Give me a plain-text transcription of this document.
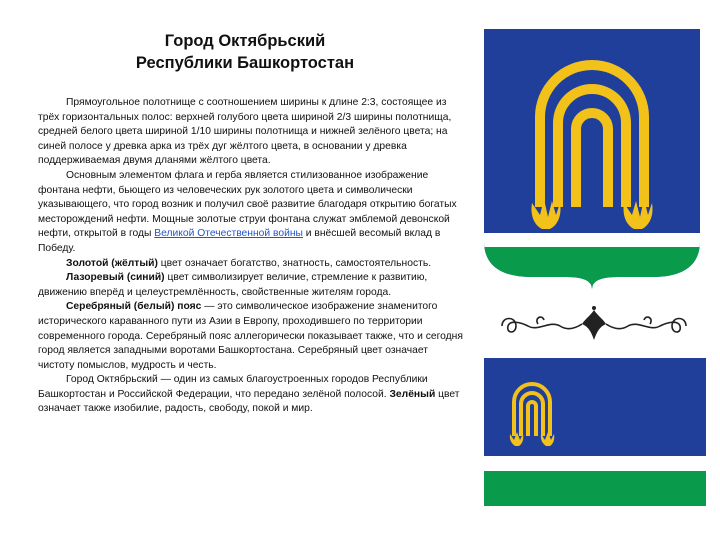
Город Октябрьский
Республики Башкортостан

Прямоугольное полотнище с соотношением ширины к длине 2:3, состоящее из трёх горизонтальных полос: верхней голубого цвета шириной 2/3 ширины полотнища, средней белого цвета шириной 1/10 ширины полотнища и нижней зелёного цвета; на синей полосе у древка арка из трёх дуг жёлтого цвета, в основании у древка поддерживаемая двумя дланями жёлтого цвета.

Основным элементом флага и герба является стилизованное изображение фонтана нефти, бьющего из человеческих рук золотого цвета и символически указывающего, что город возник и получил своё развитие благодаря открытию богатых месторождений нефти. Мощные золотые струи фонтана служат эмблемой девонской нефти, открытой в годы Великой Отечественной войны и внёсшей весомый вклад в Победу.

Золотой (жёлтый) цвет означает богатство, знатность, самостоятельность.

Лазоревый (синий) цвет символизирует величие, стремление к развитию, движению вперёд и целеустремлённость, свойственные жителям города.

Серебряный (белый) пояс — это символическое изображение знаменитого исторического караванного пути из Азии в Европу, проходившего по территории современного города. Серебряный пояс аллегорически показывает также, что и сегодня город является западными воротами Башкортостана. Серебряный цвет означает чистоту помыслов, мудрость и честь.

Город Октябрьский — один из самых благоустроенных городов Республики Башкортостан и Российской Федерации, что передано зелёной полосой. Зелёный цвет означает также изобилие, радость, свободу, покой и мир.
